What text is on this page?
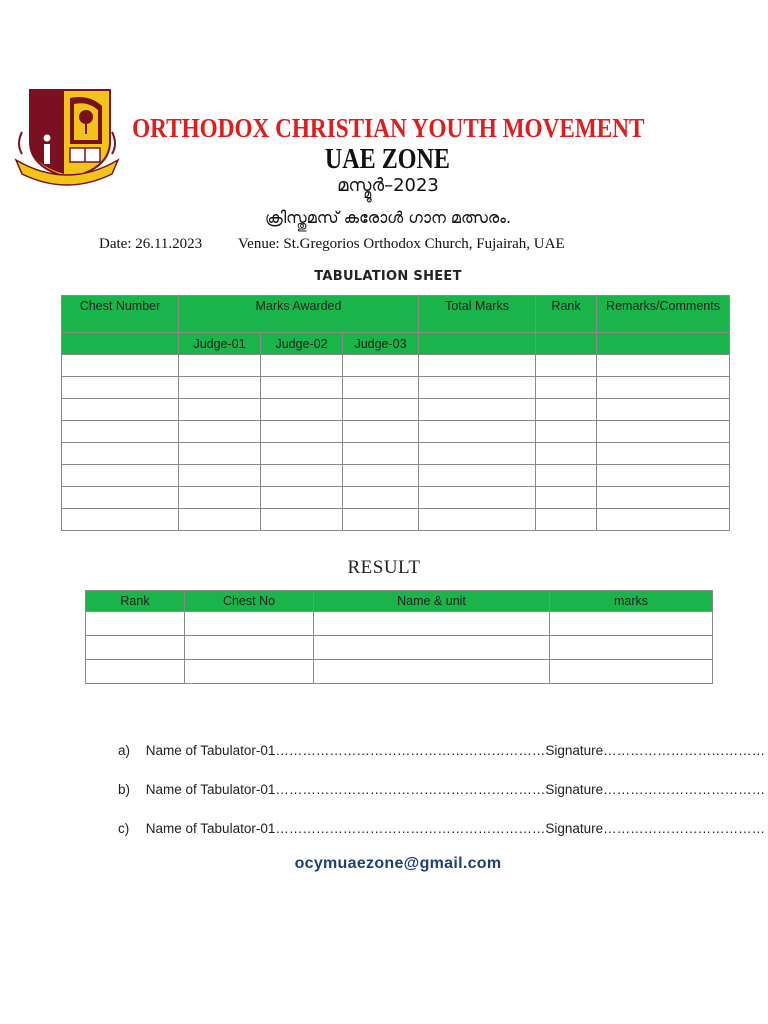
ORTHODOX CHRISTIAN YOUTH MOVEMENT
UAE ZONE
മസ്മൂർ–2023
ക്രിസ്തുമസ് കരോൾ ഗാന മത്സരം.
Date: 26.11.2023 Venue: St.Gregorios Orthodox Church, Fujairah, UAE
TABULATION SHEET
Chest Number	Marks Awarded			Total Marks	Rank	Remarks/Comments
	Judge-01	Judge-02	Judge-03			

RESULT
Rank	Chest No	Name & unit	marks

a) Name of Tabulator-01……………………………………………………Signature………………………………
b) Name of Tabulator-01……………………………………………………Signature………………………………
c) Name of Tabulator-01……………………………………………………Signature………………………………
ocymuaezone@gmail.com
